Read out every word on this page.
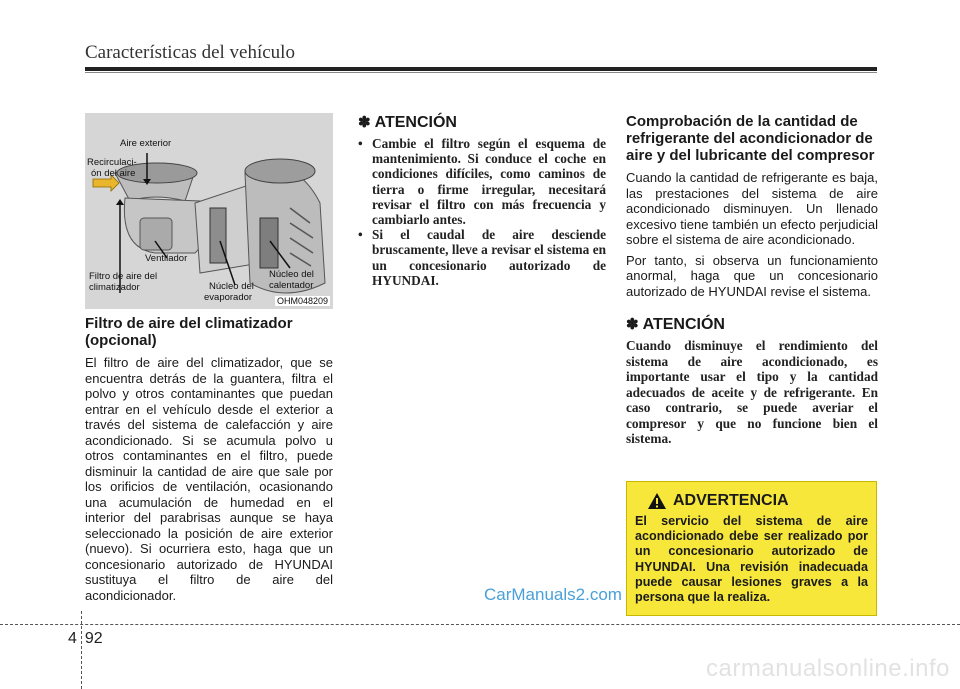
Características del vehículo
Aire exterior
Recirculaci-
ón del aire
Ventilador
Filtro de aire del
climatizador	Núcleo del
evaporador
Núcleo del
calentador
OHM048209
Filtro de aire del climatizador
(opcional)

El filtro de aire del climatizador, que se encuentra detrás de la guantera, filtra el polvo y otros contaminantes que puedan entrar en el vehículo desde el exterior a través del sistema de calefacción y aire acondicionado. Si se acumula polvo u otros contaminantes en el filtro, puede disminuir la cantidad de aire que sale por los orificios de ventilación, ocasionando una acumulación de humedad en el interior del parabrisas aunque se haya seleccionado la posición de aire exterior (nuevo). Si ocurriera esto, haga que un concesionario autorizado de HYUNDAI sustituya el filtro de aire del acondicionador.

✽ ATENCIÓN
• Cambie el filtro según el esquema de mantenimiento. Si conduce el coche en condiciones difíciles, como caminos de tierra o firme irregular, necesitará revisar el filtro con más frecuencia y cambiarlo antes.
• Si el caudal de aire desciende bruscamente, lleve a revisar el sistema en un concesionario autorizado de HYUNDAI.
Comprobación de la cantidad de refrigerante del acondicionador de aire y del lubricante del compresor

Cuando la cantidad de refrigerante es baja, las prestaciones del sistema de aire acondicionado disminuyen. Un llenado excesivo tiene también un efecto perjudicial sobre el sistema de aire acondicionado.

Por tanto, si observa un funcionamiento anormal, haga que un concesionario autorizado de HYUNDAI revise el sistema.

✽ ATENCIÓN

Cuando disminuye el rendimiento del sistema de aire acondicionado, es importante usar el tipo y la cantidad adecuados de aceite y de refrigerante. En caso contrario, se puede averiar el compresor y que no funcione bien el sistema.

ADVERTENCIA
El servicio del sistema de aire acondicionado debe ser realizado por un concesionario autorizado de HYUNDAI. Una revisión inadecuada puede causar lesiones graves a la persona que la realiza.
CarManuals2.com
4 92
carmanualsonline.info
